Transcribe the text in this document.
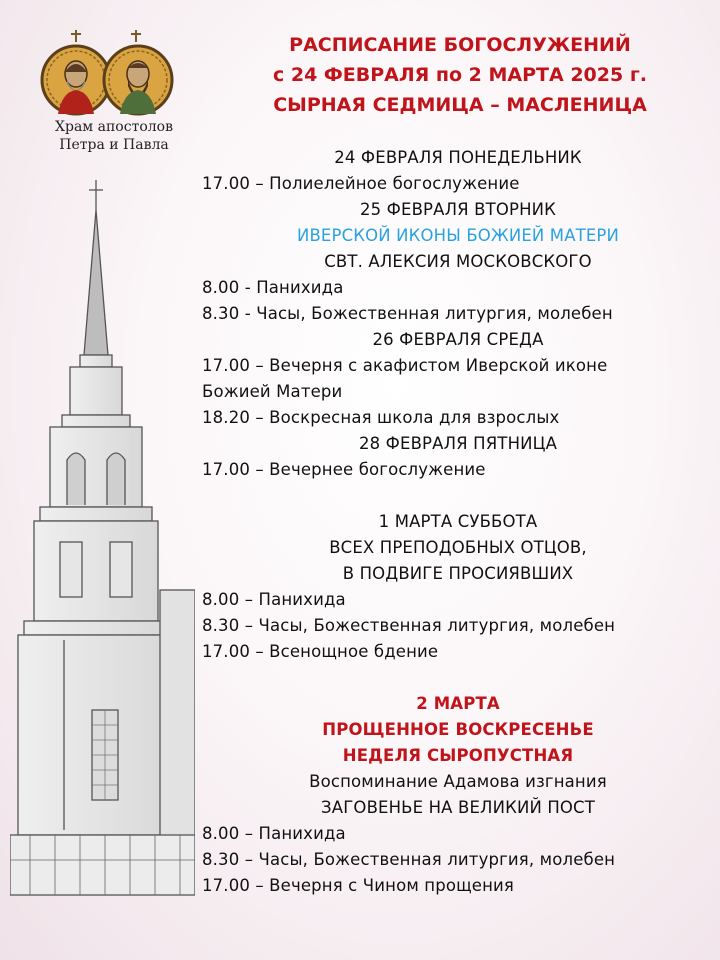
Храм апостолов
Петра и Павла
РАСПИСАНИЕ БОГОСЛУЖЕНИЙ
с 24 ФЕВРАЛЯ по 2 МАРТА 2025 г.
СЫРНАЯ СЕДМИЦА – МАСЛЕНИЦА
24 ФЕВРАЛЯ ПОНЕДЕЛЬНИК
17.00 – Полиелейное богослужение
25 ФЕВРАЛЯ ВТОРНИК
ИВЕРСКОЙ ИКОНЫ БОЖИЕЙ МАТЕРИ
СВТ. АЛЕКСИЯ МОСКОВСКОГО
8.00 - Панихида
8.30 - Часы, Божественная литургия, молебен
26 ФЕВРАЛЯ СРЕДА
17.00 – Вечерня с акафистом Иверской иконе
Божией Матери
18.20 – Воскресная школа для взрослых
28 ФЕВРАЛЯ ПЯТНИЦА
17.00 – Вечернее богослужение
1 МАРТА СУББОТА
ВСЕХ ПРЕПОДОБНЫХ ОТЦОВ,
В ПОДВИГЕ ПРОСИЯВШИХ
8.00 – Панихида
8.30 – Часы, Божественная литургия, молебен
17.00 – Всенощное бдение
2 МАРТА
ПРОЩЕННОЕ ВОСКРЕСЕНЬЕ
НЕДЕЛЯ СЫРОПУСТНАЯ
Воспоминание Адамова изгнания
ЗАГОВЕНЬЕ НА ВЕЛИКИЙ ПОСТ
8.00 – Панихида
8.30 – Часы, Божественная литургия, молебен
17.00 – Вечерня с Чином прощения
